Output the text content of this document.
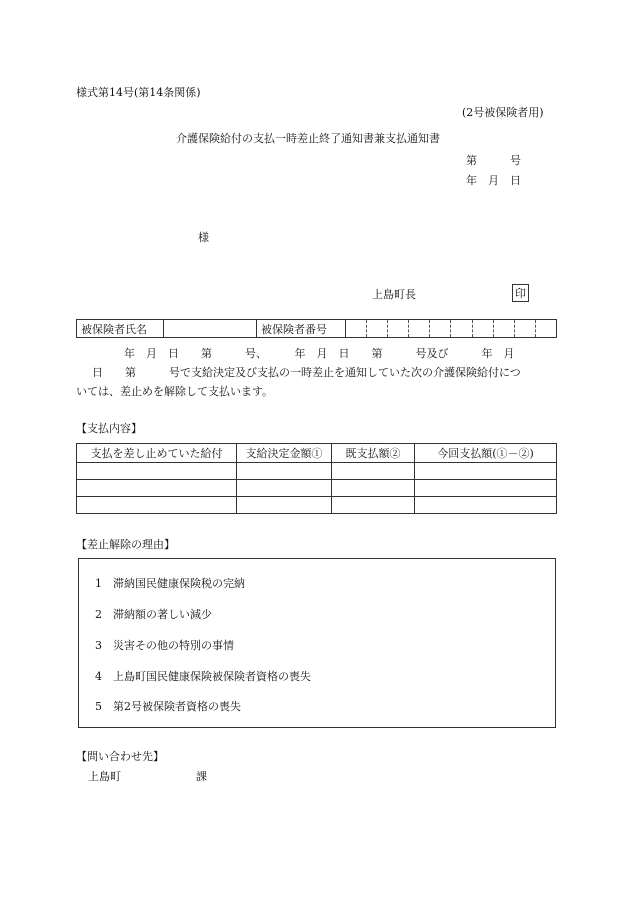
様式第14号(第14条関係)
(2号被保険者用)
介護保険給付の支払一時差止終了通知書兼支払通知書
第　　　号
年　月　日
様
上島町長	印
被保険者氏名		被保険者番号	
年　月　日　　第　　　号、　　　年　月　日　　第　　　号及び　　　年　月
日　　第　　　号で支給決定及び支払の一時差止を通知していた次の介護保険給付につ
いては、差止めを解除して支払います。
【支払内容】
支払を差し止めていた給付	支給決定金額①	既支払額②	今回支払額(①－②)

【差止解除の理由】
1 滞納国民健康保険税の完納
2 滞納額の著しい減少
3 災害その他の特別の事情
4 上島町国民健康保険被保険者資格の喪失
5 第2号被保険者資格の喪失
【問い合わせ先】
上島町	課
